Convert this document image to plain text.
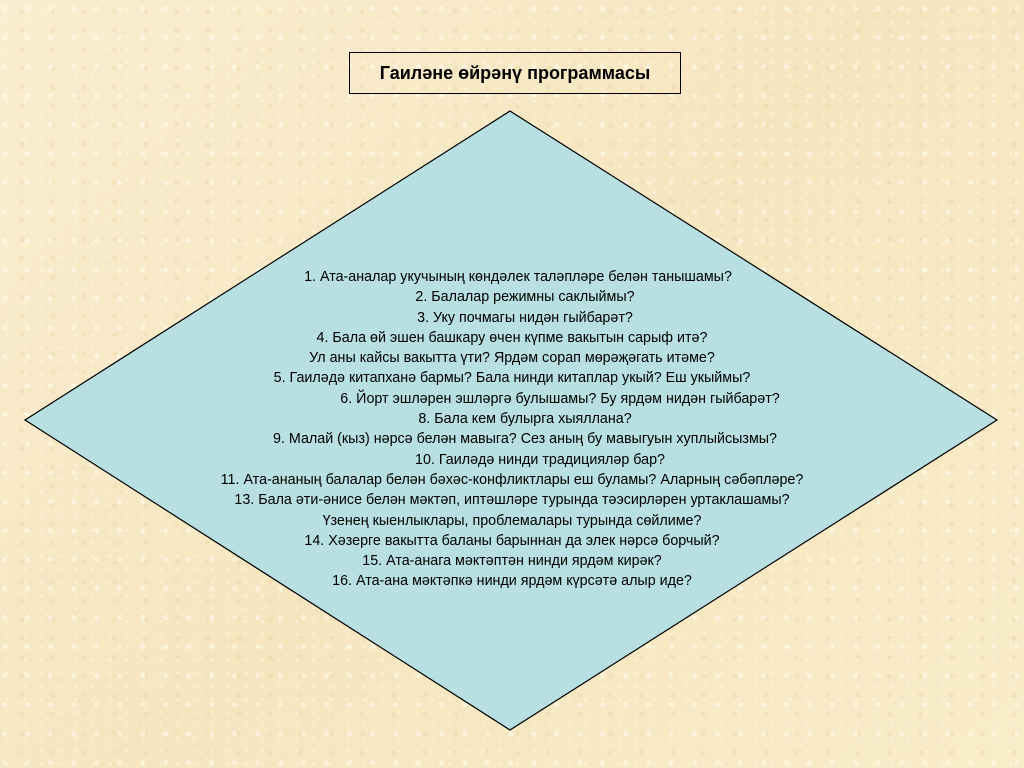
Гаиләне өйрәнү программасы
1. Ата-аналар укучының көндәлек таләпләре белән танышамы?
2. Балалар режимны саклыймы?
3. Уку почмагы нидән гыйбарәт?
4. Бала өй эшен башкару өчен күпме вакытын сарыф итә?
Ул аны кайсы вакытта үти? Ярдәм сорап мөрәҗәгать итәме?
5. Гаиләдә китапханә бармы? Бала нинди китаплар укый? Еш укыймы?
6. Йорт эшләрен эшләргә булышамы? Бу ярдәм нидән гыйбарәт?
8. Бала кем булырга хыяллана?
9. Малай (кыз) нәрсә белән мавыга? Сез аның бу мавыгуын хуплыйсызмы?
10. Гаиләдә нинди традицияләр бар?
11. Ата-ананың балалар белән бәхәс-конфликтлары еш буламы? Аларның сәбәпләре?
13. Бала әти-әнисе белән мәктәп, иптәшләре турында тәэсирләрен уртаклашамы?
Үзенең кыенлыклары, проблемалары турында сөйлиме?
14. Хәзерге вакытта баланы барыннан да элек нәрсә борчый?
15. Ата-анага мәктәптән нинди ярдәм кирәк?
16. Ата-ана мәктәпкә нинди ярдәм күрсәтә алыр иде?
